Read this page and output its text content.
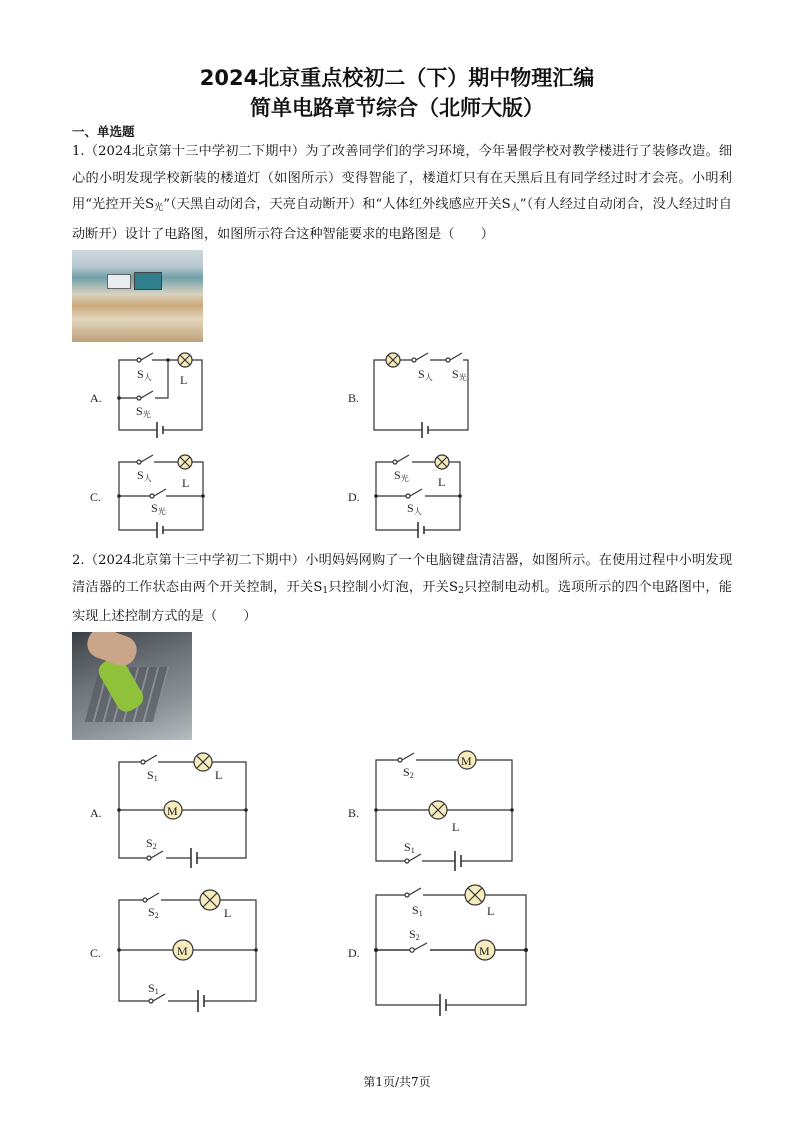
2024北京重点校初二（下）期中物理汇编
简单电路章节综合（北师大版）
一、单选题

1.（2024北京第十三中学初二下期中）为了改善同学们的学习环境，今年暑假学校对教学楼进行了装修改造。细心的小明发现学校新装的楼道灯（如图所示）变得智能了，楼道灯只有在天黑后且有同学经过时才会亮。小明利用“光控开关$S_光$”（天黑自动闭合，天亮自动断开）和“人体红外线感应开关$S_人$”（有人经过自动闭合，没人经过时自动断开）设计了电路图，如图所示符合这种智能要求的电路图是（　　）

2.（2024北京第十三中学初二下期中）小明妈妈网购了一个电脑键盘清洁器，如图所示。在使用过程中小明发现清洁器的工作状态由两个开关控制，开关$S_1$只控制小灯泡，开关$S_2$只控制电动机。选项所示的四个电路图中，能实现上述控制方式的是（　　）

A.
S人 L
S光
B.
S人 S光
C.
S人	L
S光
D.
S光 L
S人
A.	M
S1	L
S2
B.
M
S2
L
S1
C.	M
S2	L
S1
D.	M
S1	L
S2
第1页/共7页
